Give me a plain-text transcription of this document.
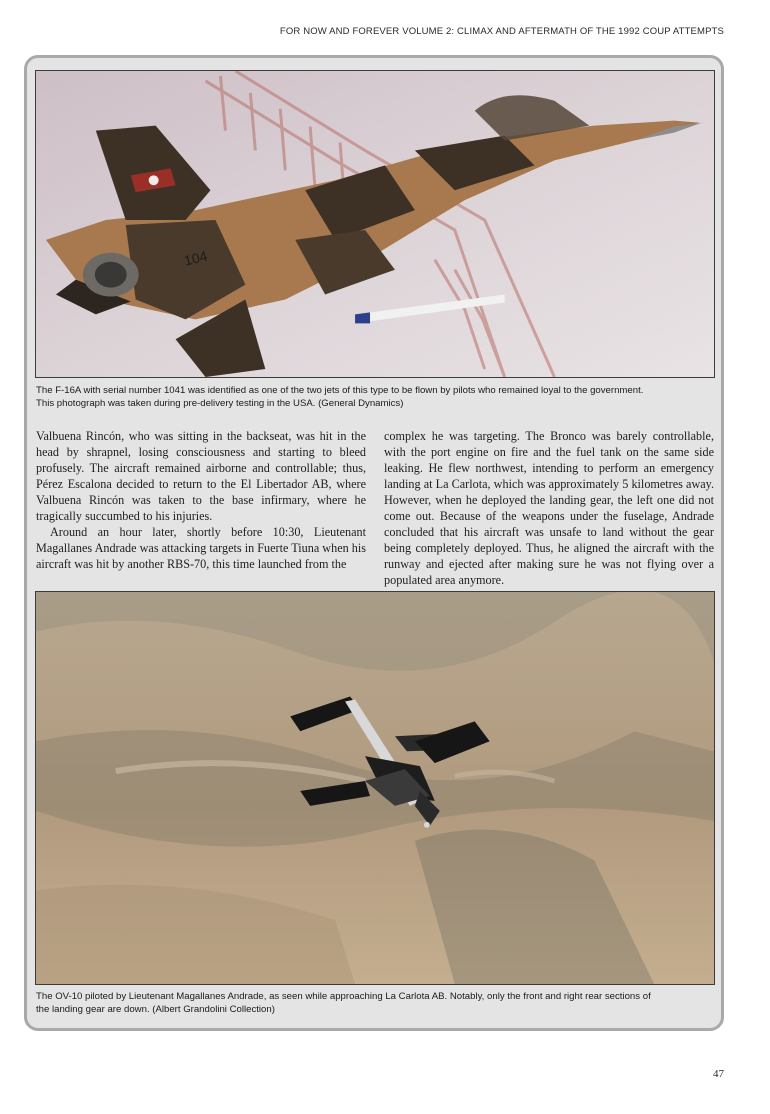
FOR NOW AND FOREVER VOLUME 2: CLIMAX AND AFTERMATH OF THE 1992 COUP ATTEMPTS
104
The F-16A with serial number 1041 was identified as one of the two jets of this type to be flown by pilots who remained loyal to the government.
This photograph was taken during pre-delivery testing in the USA. (General Dynamics)

Valbuena Rincón, who was sitting in the backseat, was hit in the head by shrapnel, losing consciousness and starting to bleed profusely. The aircraft remained airborne and controllable; thus, Pérez Escalona decided to return to the El Libertador AB, where Valbuena Rincón was taken to the base infirmary, where he tragically succumbed to his injuries.

Around an hour later, shortly before 10:30, Lieutenant Magallanes Andrade was attacking targets in Fuerte Tiuna when his aircraft was hit by another RBS-70, this time launched from the

complex he was targeting. The Bronco was barely controllable, with the port engine on fire and the fuel tank on the same side leaking. He flew northwest, intending to perform an emergency landing at La Carlota, which was approximately 5 kilometres away. However, when he deployed the landing gear, the left one did not come out. Because of the weapons under the fuselage, Andrade concluded that his aircraft was unsafe to land without the gear being completely deployed. Thus, he aligned the aircraft with the runway and ejected after making sure he was not flying over a populated area anymore.

The OV-10 piloted by Lieutenant Magallanes Andrade, as seen while approaching La Carlota AB. Notably, only the front and right rear sections of
the landing gear are down. (Albert Grandolini Collection)
47
